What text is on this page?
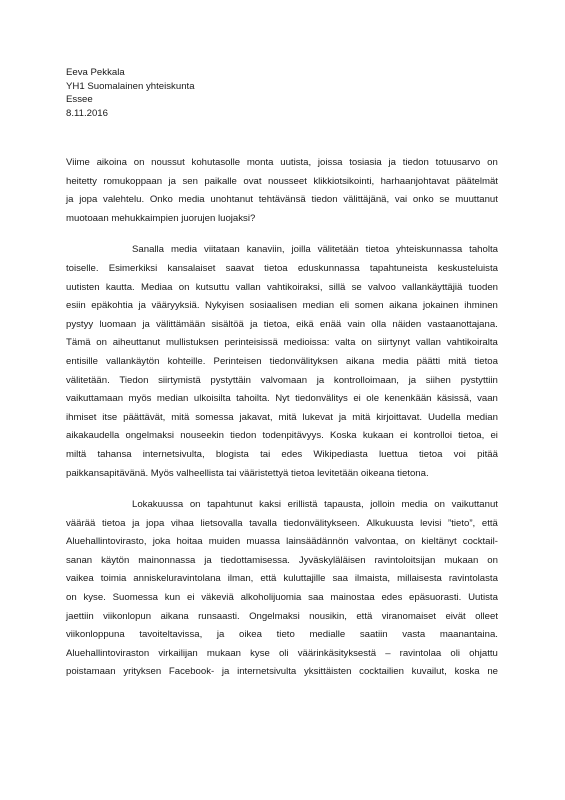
Eeva Pekkala
YH1 Suomalainen yhteiskunta
Essee
8.11.2016
Viime aikoina on noussut kohutasolle monta uutista, joissa tosiasia ja tiedon totuusarvo on
heitetty romukoppaan ja sen paikalle ovat nousseet klikkiotsikointi, harhaanjohtavat päätelmät
ja jopa valehtelu. Onko media unohtanut tehtävänsä tiedon välittäjänä, vai onko se muuttanut
muotoaan mehukkaimpien juorujen luojaksi?
Sanalla media viitataan kanaviin, joilla välitetään tietoa yhteiskunnassa taholta
toiselle. Esimerkiksi kansalaiset saavat tietoa eduskunnassa tapahtuneista keskusteluista
uutisten kautta. Mediaa on kutsuttu vallan vahtikoiraksi, sillä se valvoo vallankäyttäjiä tuoden
esiin epäkohtia ja vääryyksiä. Nykyisen sosiaalisen median eli somen aikana jokainen ihminen
pystyy luomaan ja välittämään sisältöä ja tietoa, eikä enää vain olla näiden vastaanottajana.
Tämä on aiheuttanut mullistuksen perinteisissä medioissa: valta on siirtynyt vallan vahtikoiralta
entisille vallankäytön kohteille. Perinteisen tiedonvälityksen aikana media päätti mitä tietoa
välitetään. Tiedon siirtymistä pystyttäin valvomaan ja kontrolloimaan, ja siihen pystyttiin
vaikuttamaan myös median ulkoisilta tahoilta. Nyt tiedonvälitys ei ole kenenkään käsissä, vaan
ihmiset itse päättävät, mitä somessa jakavat, mitä lukevat ja mitä kirjoittavat. Uudella median
aikakaudella ongelmaksi nouseekin tiedon todenpitävyys. Koska kukaan ei kontrolloi tietoa, ei
miltä tahansa internetsivulta, blogista tai edes Wikipediasta luettua tietoa voi pitää
paikkansapitävänä. Myös valheellista tai vääristettyä tietoa levitetään oikeana tietona.
Lokakuussa on tapahtunut kaksi erillistä tapausta, jolloin media on vaikuttanut
väärää tietoa ja jopa vihaa lietsovalla tavalla tiedonvälitykseen. Alkukuusta levisi ”tieto”, että
Aluehallintovirasto, joka hoitaa muiden muassa lainsäädännön valvontaa, on kieltänyt cocktail-
sanan käytön mainonnassa ja tiedottamisessa. Jyväskyläläisen ravintoloitsijan mukaan on
vaikea toimia anniskeluravintolana ilman, että kuluttajille saa ilmaista, millaisesta ravintolasta
on kyse. Suomessa kun ei väkeviä alkoholijuomia saa mainostaa edes epäsuorasti. Uutista
jaettiin viikonlopun aikana runsaasti. Ongelmaksi nousikin, että viranomaiset eivät olleet
viikonloppuna tavoiteltavissa, ja oikea tieto medialle saatiin vasta maanantaina.
Aluehallintoviraston virkailijan mukaan kyse oli väärinkäsityksestä – ravintolaa oli ohjattu
poistamaan yrityksen Facebook- ja internetsivulta yksittäisten cocktailien kuvailut, koska ne
